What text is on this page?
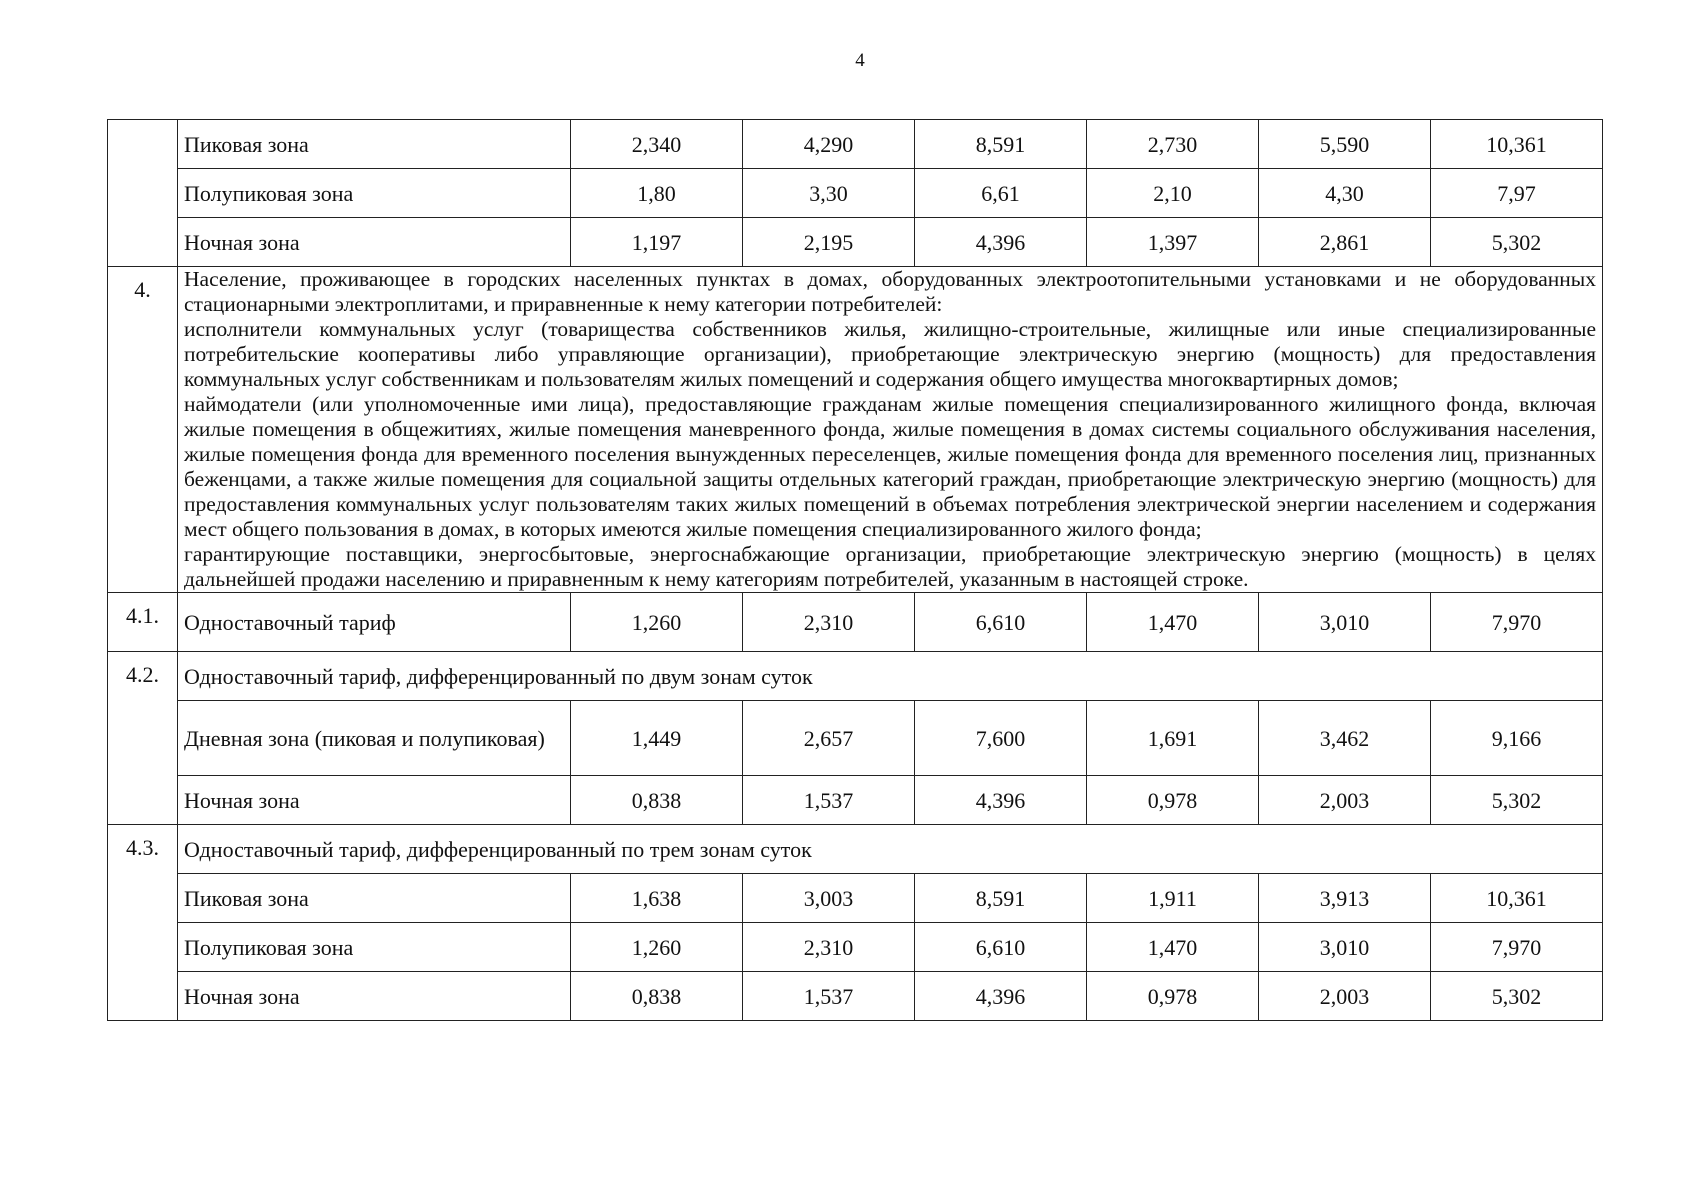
4
	Пиковая зона	2,340	4,290	8,591	2,730	5,590	10,361
	Полупиковая зона	1,80	3,30	6,61	2,10	4,30	7,97
	Ночная зона	1,197	2,195	4,396	1,397	2,861	5,302
4.	Население, проживающее в городских населенных пунктах в домах, оборудованных электроотопительными установками и не оборудованных стационарными электроплитами, и приравненные к нему категории потребителей:

исполнители коммунальных услуг (товарищества собственников жилья, жилищно-строительные, жилищные или иные специализированные потребительские кооперативы либо управляющие организации), приобретающие электрическую энергию (мощность) для предоставления коммунальных услуг собственникам и пользователям жилых помещений и содержания общего имущества многоквартирных домов;

наймодатели (или уполномоченные ими лица), предоставляющие гражданам жилые помещения специализированного жилищного фонда, включая жилые помещения в общежитиях, жилые помещения маневренного фонда, жилые помещения в домах системы социального обслуживания населения, жилые помещения фонда для временного поселения вынужденных переселенцев, жилые помещения фонда для временного поселения лиц, признанных беженцами, а также жилые помещения для социальной защиты отдельных категорий граждан, приобретающие электрическую энергию (мощность) для предоставления коммунальных услуг пользователям таких жилых помещений в объемах потребления электрической энергии населением и содержания мест общего пользования в домах, в которых имеются жилые помещения специализированного жилого фонда;

гарантирующие поставщики, энергосбытовые, энергоснабжающие организации, приобретающие электрическую энергию (мощность) в целях дальнейшей продажи населению и приравненным к нему категориям потребителей, указанным в настоящей строке.						

4.1.	Одноставочный тариф	1,260	2,310	6,610	1,470	3,010	7,970
4.2.	Одноставочный тариф, дифференцированный по двум зонам суток						
	Дневная зона (пиковая и полупиковая)	1,449	2,657	7,600	1,691	3,462	9,166
	Ночная зона	0,838	1,537	4,396	0,978	2,003	5,302
4.3.	Одноставочный тариф, дифференцированный по трем зонам суток						
	Пиковая зона	1,638	3,003	8,591	1,911	3,913	10,361
	Полупиковая зона	1,260	2,310	6,610	1,470	3,010	7,970
	Ночная зона	0,838	1,537	4,396	0,978	2,003	5,302
